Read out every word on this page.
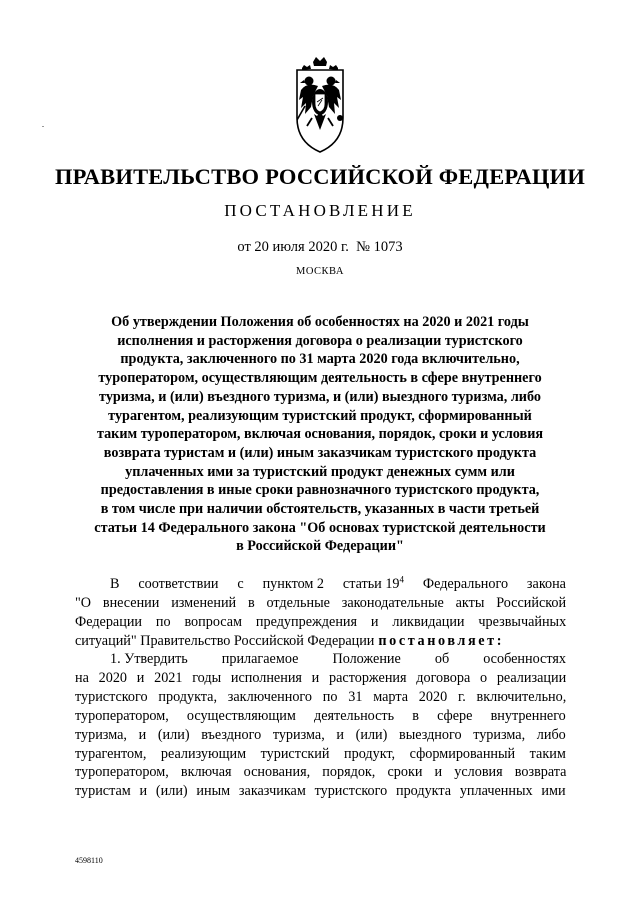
ПРАВИТЕЛЬСТВО РОССИЙСКОЙ ФЕДЕРАЦИИ
ПОСТАНОВЛЕНИЕ
от 20 июля 2020 г. № 1073
МОСКВА
Об утверждении Положения об особенностях на 2020 и 2021 годы
исполнения и расторжения договора о реализации туристского
продукта, заключенного по 31 марта 2020 года включительно,
туроператором, осуществляющим деятельность в сфере внутреннего
туризма, и (или) въездного туризма, и (или) выездного туризма, либо
турагентом, реализующим туристский продукт, сформированный
таким туроператором, включая основания, порядок, сроки и условия
возврата туристам и (или) иным заказчикам туристского продукта
уплаченных ими за туристский продукт денежных сумм или
предоставления в иные сроки равнозначного туристского продукта,
в том числе при наличии обстоятельств, указанных в части третьей
статьи 14 Федерального закона "Об основах туристской деятельности
в Российской Федерации"
В соответствии с пунктом 2 статьи $19^4$ Федерального закона
"О внесении изменений в отдельные законодательные акты Российской
Федерации по вопросам предупреждения и ликвидации чрезвычайных
ситуаций" Правительство Российской Федерации постановляет:
1. Утвердить прилагаемое Положение об особенностях
на 2020 и 2021 годы исполнения и расторжения договора о реализации
туристского продукта, заключенного по 31 марта 2020 г. включительно,
туроператором, осуществляющим деятельность в сфере внутреннего
туризма, и (или) въездного туризма, и (или) выездного туризма, либо
турагентом, реализующим туристский продукт, сформированный таким
туроператором, включая основания, порядок, сроки и условия возврата
туристам и (или) иным заказчикам туристского продукта уплаченных ими
4598110
